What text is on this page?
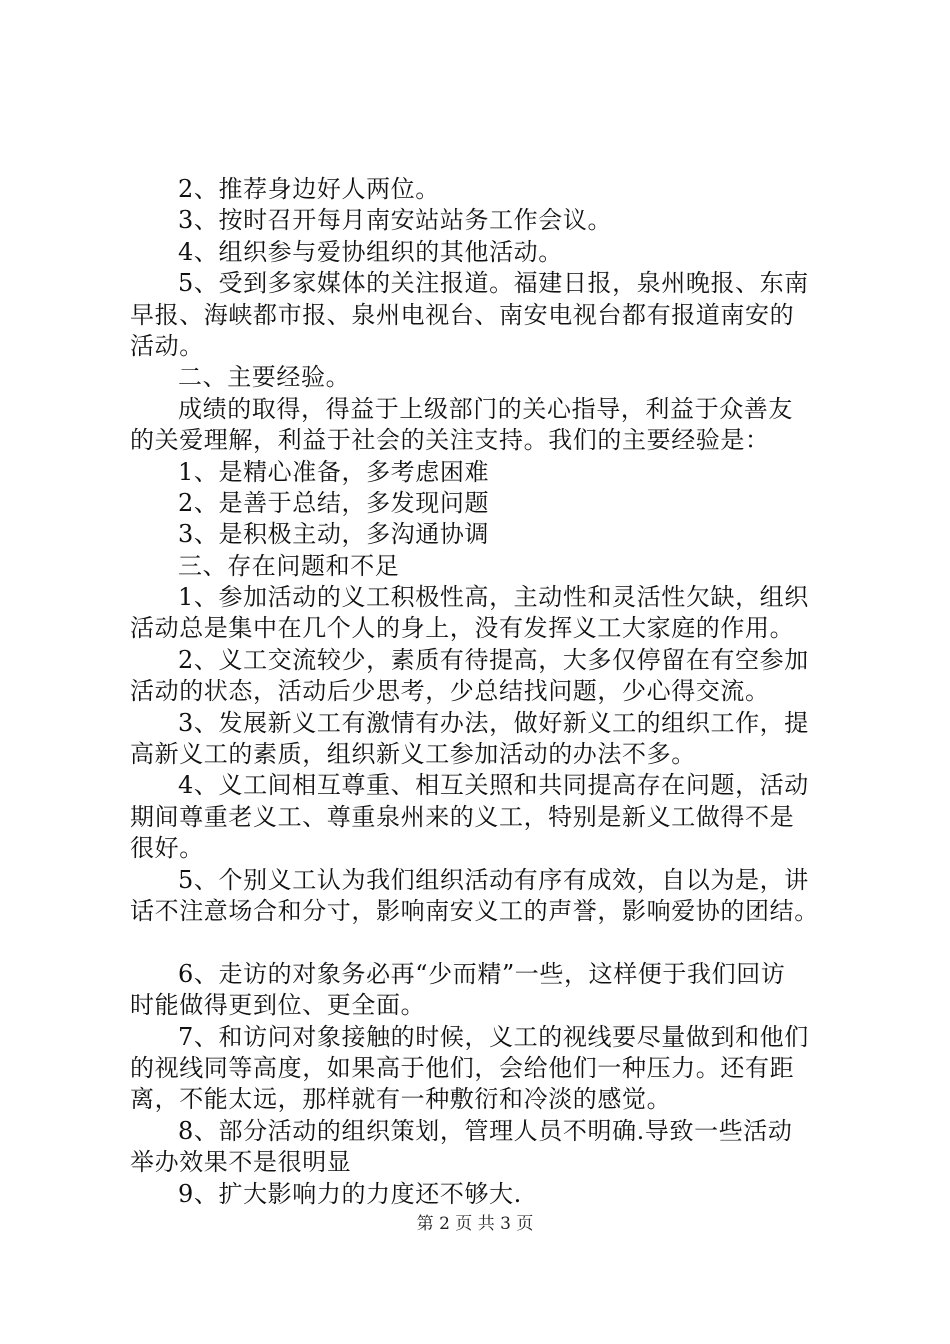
2、推荐身边好人两位。
3、按时召开每月南安站站务工作会议。
4、组织参与爱协组织的其他活动。
5、受到多家媒体的关注报道。福建日报，泉州晚报、东南
早报、海峡都市报、泉州电视台、南安电视台都有报道南安的
活动。
二、主要经验。
成绩的取得，得益于上级部门的关心指导，利益于众善友
的关爱理解，利益于社会的关注支持。我们的主要经验是：
1、是精心准备，多考虑困难
2、是善于总结，多发现问题
3、是积极主动，多沟通协调
三、存在问题和不足
1、参加活动的义工积极性高，主动性和灵活性欠缺，组织
活动总是集中在几个人的身上，没有发挥义工大家庭的作用。
2、义工交流较少，素质有待提高，大多仅停留在有空参加
活动的状态，活动后少思考，少总结找问题，少心得交流。
3、发展新义工有激情有办法，做好新义工的组织工作，提
高新义工的素质，组织新义工参加活动的办法不多。
4、义工间相互尊重、相互关照和共同提高存在问题，活动
期间尊重老义工、尊重泉州来的义工，特别是新义工做得不是
很好。
5、个别义工认为我们组织活动有序有成效，自以为是，讲
话不注意场合和分寸，影响南安义工的声誉，影响爱协的团结。
6、走访的对象务必再“少而精”一些，这样便于我们回访
时能做得更到位、更全面。
7、和访问对象接触的时候，义工的视线要尽量做到和他们
的视线同等高度，如果高于他们，会给他们一种压力。还有距
离，不能太远，那样就有一种敷衍和冷淡的感觉。
8、部分活动的组织策划，管理人员不明确.导致一些活动
举办效果不是很明显
9、扩大影响力的力度还不够大.
第 2 页 共 3 页
